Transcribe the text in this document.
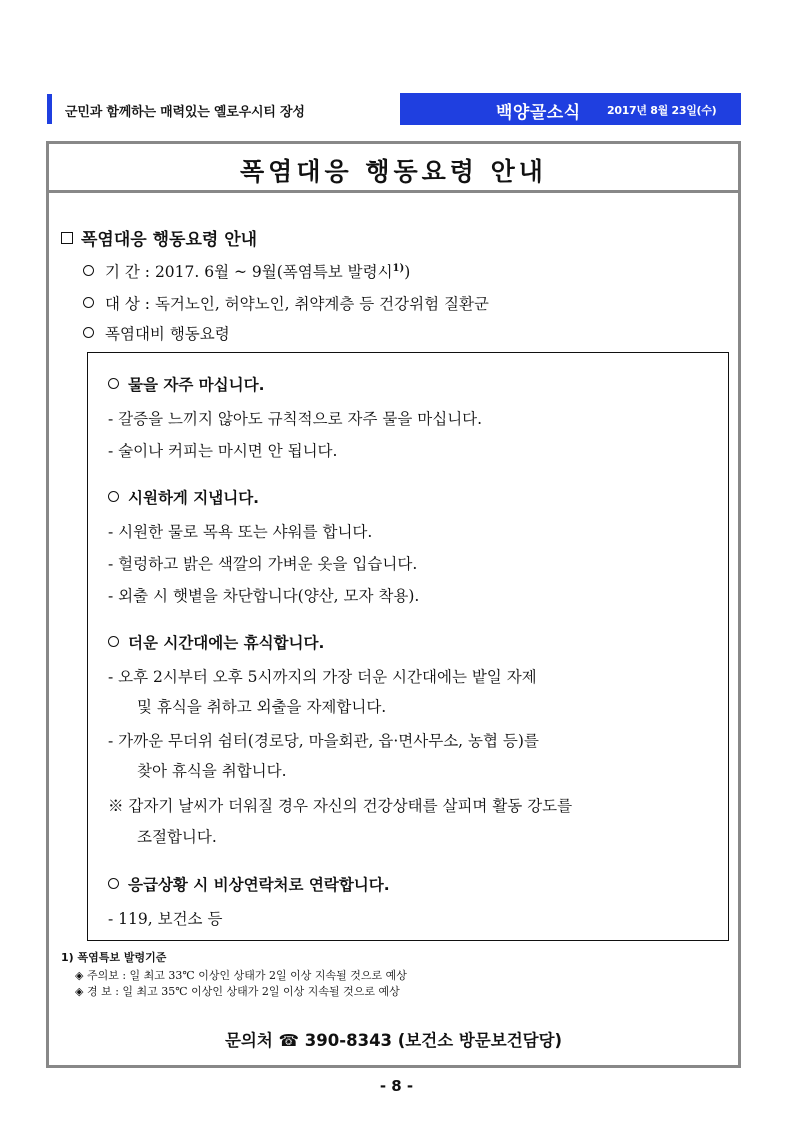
군민과 함께하는 매력있는 옐로우시티 장성	백양골소식 2017년 8월 23일(수)
폭염대응 행동요령 안내
폭염대응 행동요령 안내
기 간 : 2017. 6월 ~ 9월(폭염특보 발령시$^{1)}$)
대 상 : 독거노인, 허약노인, 취약계층 등 건강위험 질환군
폭염대비 행동요령
물을 자주 마십니다.
- 갈증을 느끼지 않아도 규칙적으로 자주 물을 마십니다.
- 술이나 커피는 마시면 안 됩니다.
시원하게 지냅니다.
- 시원한 물로 목욕 또는 샤워를 합니다.
- 헐렁하고 밝은 색깔의 가벼운 옷을 입습니다.
- 외출 시 햇볕을 차단합니다(양산, 모자 착용).
더운 시간대에는 휴식합니다.
- 오후 2시부터 오후 5시까지의 가장 더운 시간대에는 밭일 자제
및 휴식을 취하고 외출을 자제합니다.
- 가까운 무더위 쉼터(경로당, 마을회관, 읍·면사무소, 농협 등)를
찾아 휴식을 취합니다.
※ 갑자기 날씨가 더워질 경우 자신의 건강상태를 살피며 활동 강도를
조절합니다.
응급상황 시 비상연락처로 연락합니다.
- 119, 보건소 등
1) 폭염특보 발령기준
◈ 주의보 : 일 최고 33℃ 이상인 상태가 2일 이상 지속될 것으로 예상
◈ 경 보 : 일 최고 35℃ 이상인 상태가 2일 이상 지속될 것으로 예상
문의처 ☎ 390-8343 (보건소 방문보건담당)
- 8 -
